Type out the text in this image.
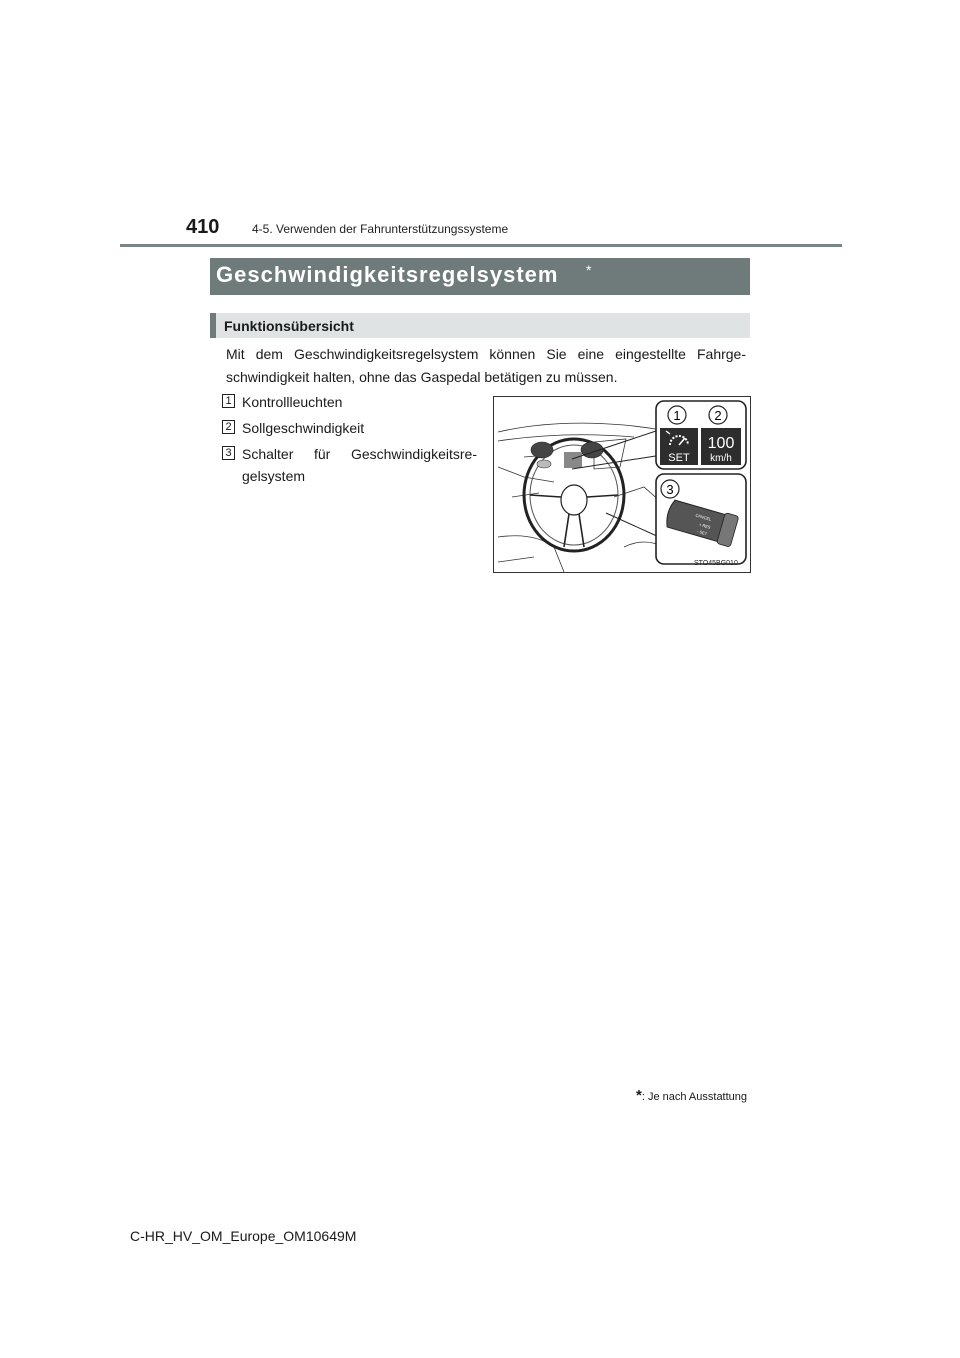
410	4-5. Verwenden der Fahrunterstützungssysteme
Geschwindigkeitsregelsystem *
Funktionsübersicht
Mit dem Geschwindigkeitsregelsystem können Sie eine eingestellte Fahrge- schwindigkeit halten, ohne das Gaspedal betätigen zu müssen.
1 Kontrollleuchten
2 Sollgeschwindigkeit
3 Schalter für Geschwindigkeitsre- gelsystem
1	2
3
SET
100
km/h
CANCEL
+ RES
- SET
STO45BG010
*: Je nach Ausstattung
C-HR_HV_OM_Europe_OM10649M
